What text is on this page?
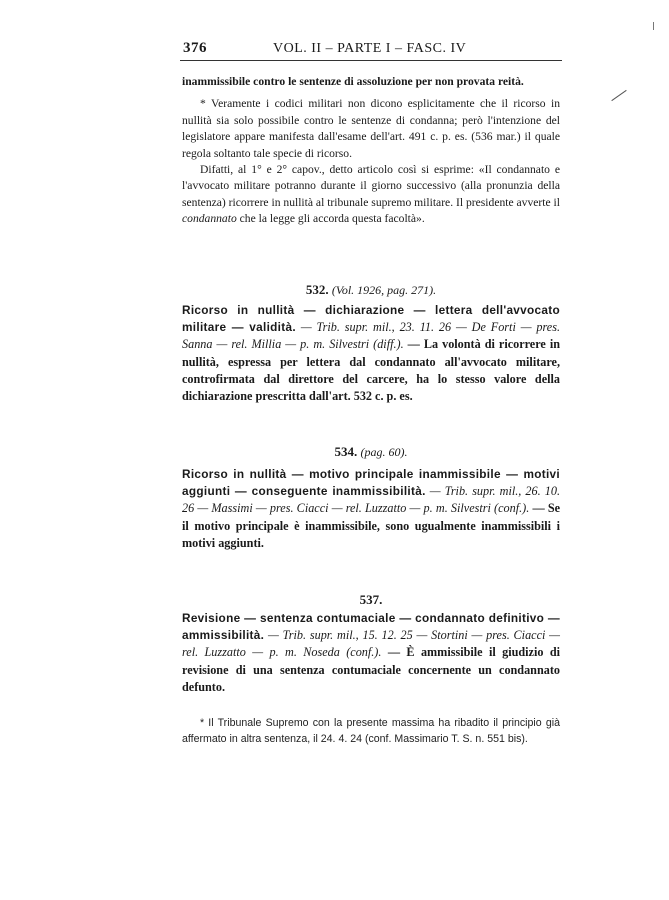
376	VOL. II – PARTE I – FASC. IV

inammissibile contro le sentenze di assoluzione per non provata reità.

* Veramente i codici militari non dicono esplicitamente che il ricorso in nullità sia solo possibile contro le sentenze di condanna; però l'intenzione del legislatore appare manifesta dall'esame dell'art. 491 c. p. es. (536 mar.) il quale regola soltanto tale specie di ricorso.

Difatti, al 1° e 2° capov., detto articolo così si esprime: «Il condannato e l'avvocato militare potranno durante il giorno successivo (alla pronunzia della sentenza) ricorrere in nullità al tribunale supremo militare. Il presidente avverte il condannato che la legge gli accorda questa facoltà».

532. (Vol. 1926, pag. 271).
Ricorso in nullità — dichiarazione — lettera dell'avvocato militare — validità. — Trib. supr. mil., 23. 11. 26 — De Forti — pres. Sanna — rel. Millia — p. m. Silvestri (diff.). — La volontà di ricorrere in nullità, espressa per lettera dal condannato all'avvocato militare, controfirmata dal direttore del carcere, ha lo stesso valore della dichiarazione prescritta dall'art. 532 c. p. es.
534. (pag. 60).
Ricorso in nullità — motivo principale inammissibile — motivi aggiunti — conseguente inammissibilità. — Trib. supr. mil., 26. 10. 26 — Massimi — pres. Ciacci — rel. Luzzatto — p. m. Silvestri (conf.). — Se il motivo principale è inammissibile, sono ugualmente inammissibili i motivi aggiunti.
537.
Revisione — sentenza contumaciale — condannato definitivo — ammissibilità. — Trib. supr. mil., 15. 12. 25 — Stortini — pres. Ciacci — rel. Luzzatto — p. m. Noseda (conf.). — È ammissibile il giudizio di revisione di una sentenza contumaciale concernente un condannato defunto.
* Il Tribunale Supremo con la presente massima ha ribadito il principio già affermato in altra sentenza, il 24. 4. 24 (conf. Massimario T. S. n. 551 bis).
